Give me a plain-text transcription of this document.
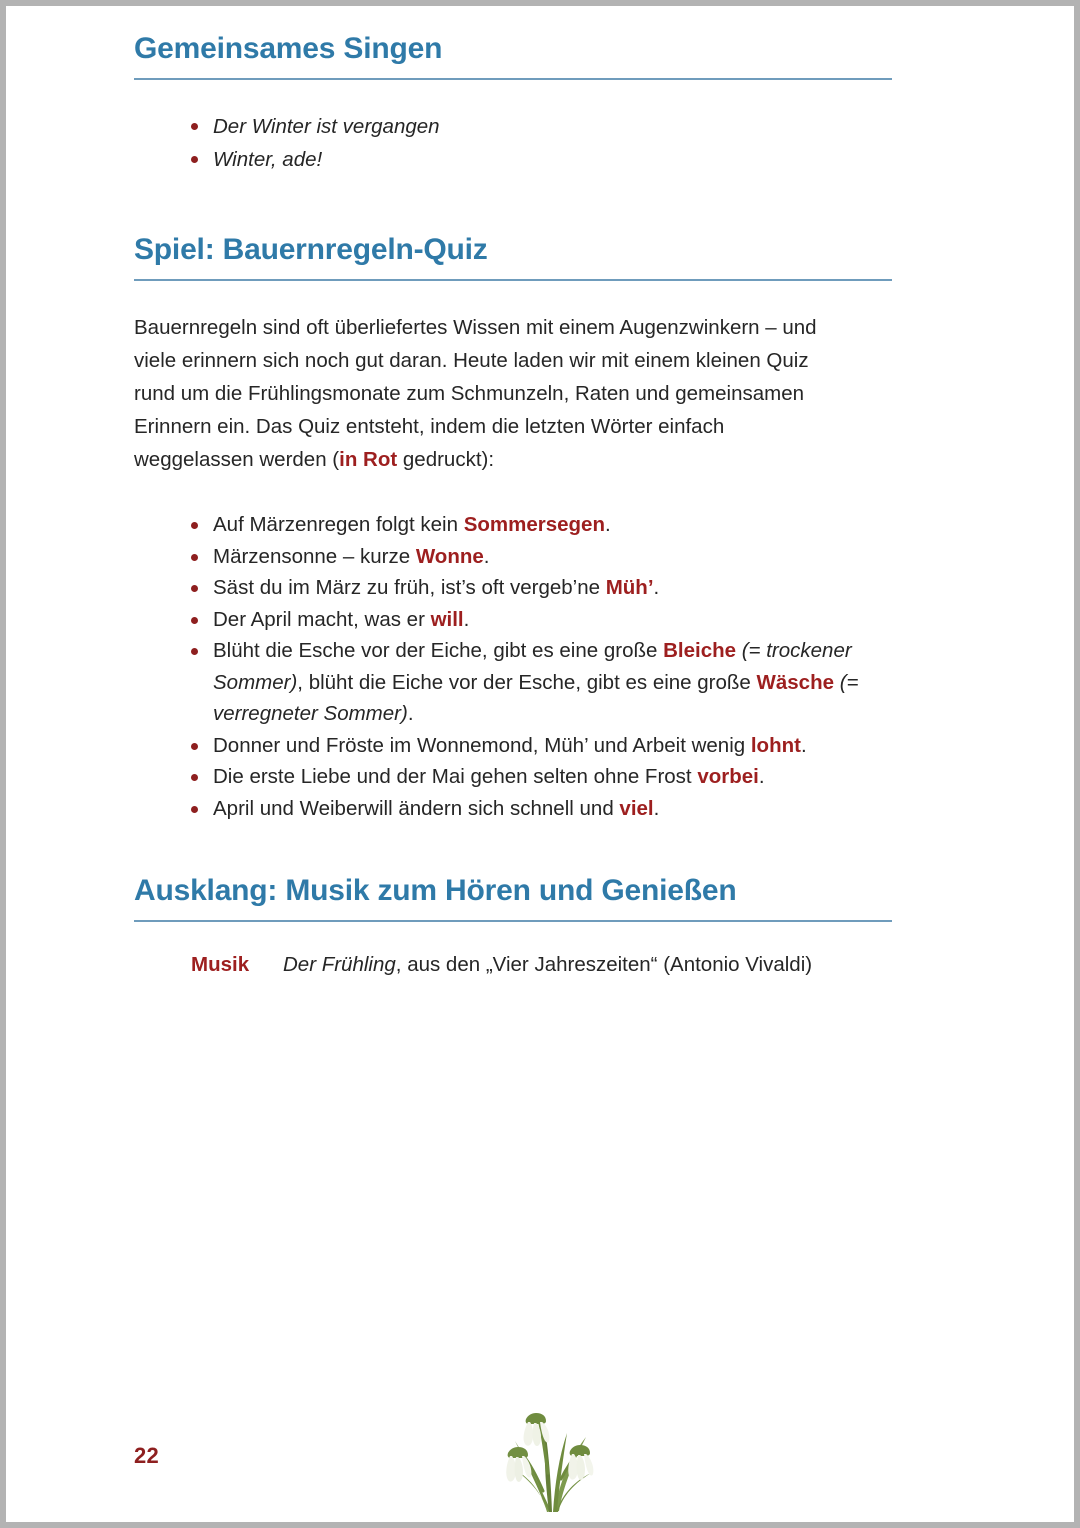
Gemeinsames Singen
Der Winter ist vergangen
Winter, ade!
Spiel: Bauernregeln-Quiz

Bauernregeln sind oft überliefertes Wissen mit einem Augenzwinkern – und viele erinnern sich noch gut daran. Heute laden wir mit einem kleinen Quiz rund um die Frühlingsmonate zum Schmunzeln, Raten und gemeinsamen Erinnern ein. Das Quiz entsteht, indem die letzten Wörter einfach weggelassen werden (in Rot gedruckt):

Auf Märzenregen folgt kein Sommersegen.
Märzensonne – kurze Wonne.
Säst du im März zu früh, ist’s oft vergeb’ne Müh’.
Der April macht, was er will.
Blüht die Esche vor der Eiche, gibt es eine große Bleiche (= trockener Sommer), blüht die Eiche vor der Esche, gibt es eine große Wäsche (= verregneter Sommer).
Donner und Fröste im Wonnemond, Müh’ und Arbeit wenig lohnt.
Die erste Liebe und der Mai gehen selten ohne Frost vorbei.
April und Weiberwill ändern sich schnell und viel.
Ausklang: Musik zum Hören und Genießen
Musik Der Frühling, aus den „Vier Jahreszeiten“ (Antonio Vivaldi)
22
